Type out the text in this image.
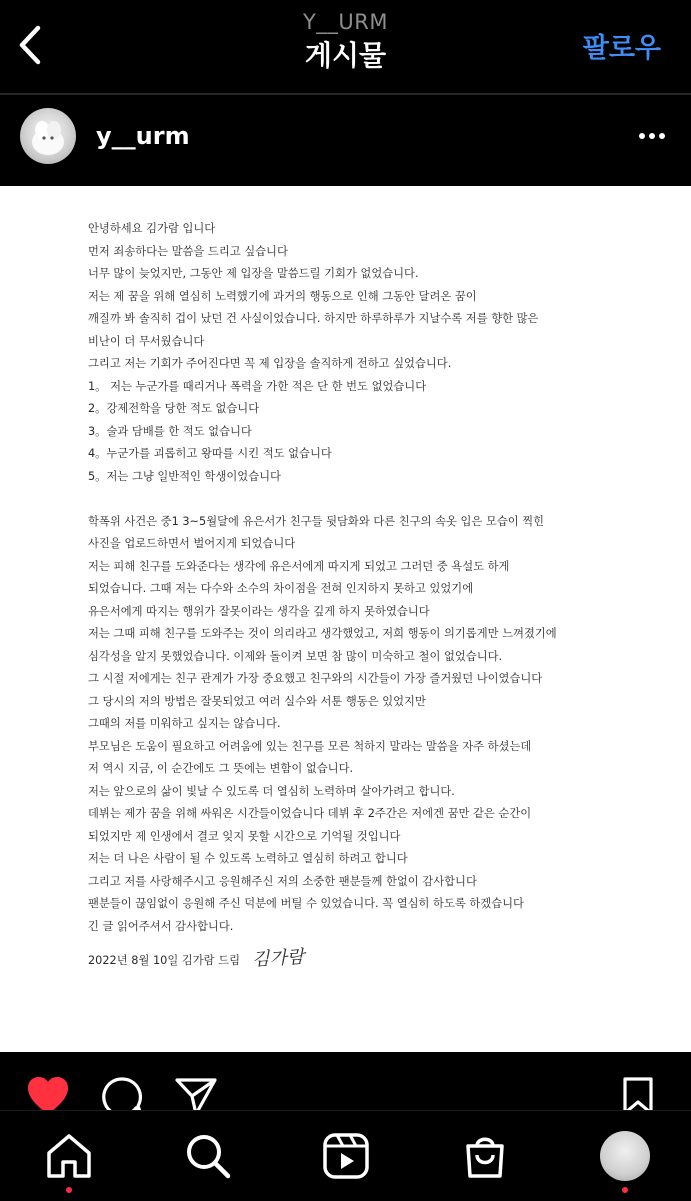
Y__URM
게시물	팔로우
y__urm
안녕하세요 김가람 입니다
먼저 죄송하다는 말씀을 드리고 싶습니다
너무 많이 늦었지만, 그동안 제 입장을 말씀드릴 기회가 없었습니다.
저는 제 꿈을 위해 열심히 노력했기에 과거의 행동으로 인해 그동안 달려온 꿈이
깨질까 봐 솔직히 겁이 났던 건 사실이었습니다. 하지만 하루하루가 지날수록 저를 향한 많은
비난이 더 무서웠습니다
그리고 저는 기회가 주어진다면 꼭 제 입장을 솔직하게 전하고 싶었습니다.
1。 저는 누군가를 때리거나 폭력을 가한 적은 단 한 번도 없었습니다
2。강제전학을 당한 적도 없습니다
3。술과 담배를 한 적도 없습니다
4。누군가를 괴롭히고 왕따를 시킨 적도 없습니다
5。저는 그냥 일반적인 학생이었습니다
학폭위 사건은 중1 3~5월달에 유은서가 친구들 뒷담화와 다른 친구의 속옷 입은 모습이 찍힌
사진을 업로드하면서 벌어지게 되었습니다
저는 피해 친구를 도와준다는 생각에 유은서에게 따지게 되었고 그러던 중 욕설도 하게
되었습니다. 그때 저는 다수와 소수의 차이점을 전혀 인지하지 못하고 있었기에
유은서에게 따지는 행위가 잘못이라는 생각을 깊게 하지 못하였습니다
저는 그때 피해 친구를 도와주는 것이 의리라고 생각했었고, 저희 행동이 의기롭게만 느껴졌기에
심각성을 알지 못했었습니다. 이제와 돌이켜 보면 참 많이 미숙하고 철이 없었습니다.
그 시절 저에게는 친구 관계가 가장 중요했고 친구와의 시간들이 가장 즐거웠던 나이였습니다
그 당시의 저의 방법은 잘못되었고 여러 실수와 서툰 행동은 있었지만
그때의 저를 미워하고 싶지는 않습니다.
부모님은 도움이 필요하고 어려움에 있는 친구를 모른 척하지 말라는 말씀을 자주 하셨는데
저 역시 지금, 이 순간에도 그 뜻에는 변함이 없습니다.
저는 앞으로의 삶이 빛날 수 있도록 더 열심히 노력하며 살아가려고 합니다.
데뷔는 제가 꿈을 위해 싸워온 시간들이었습니다 데뷔 후 2주간은 저에겐 꿈만 같은 순간이
되었지만 제 인생에서 결코 잊지 못할 시간으로 기억될 것입니다
저는 더 나은 사람이 될 수 있도록 노력하고 열심히 하려고 합니다
그리고 저를 사랑해주시고 응원해주신 저의 소중한 팬분들께 한없이 감사합니다
팬분들이 끊임없이 응원해 주신 덕분에 버틸 수 있었습니다. 꼭 열심히 하도록 하겠습니다
긴 글 읽어주셔서 감사합니다.
2022년 8월 10일 김가람 드림 김가람
